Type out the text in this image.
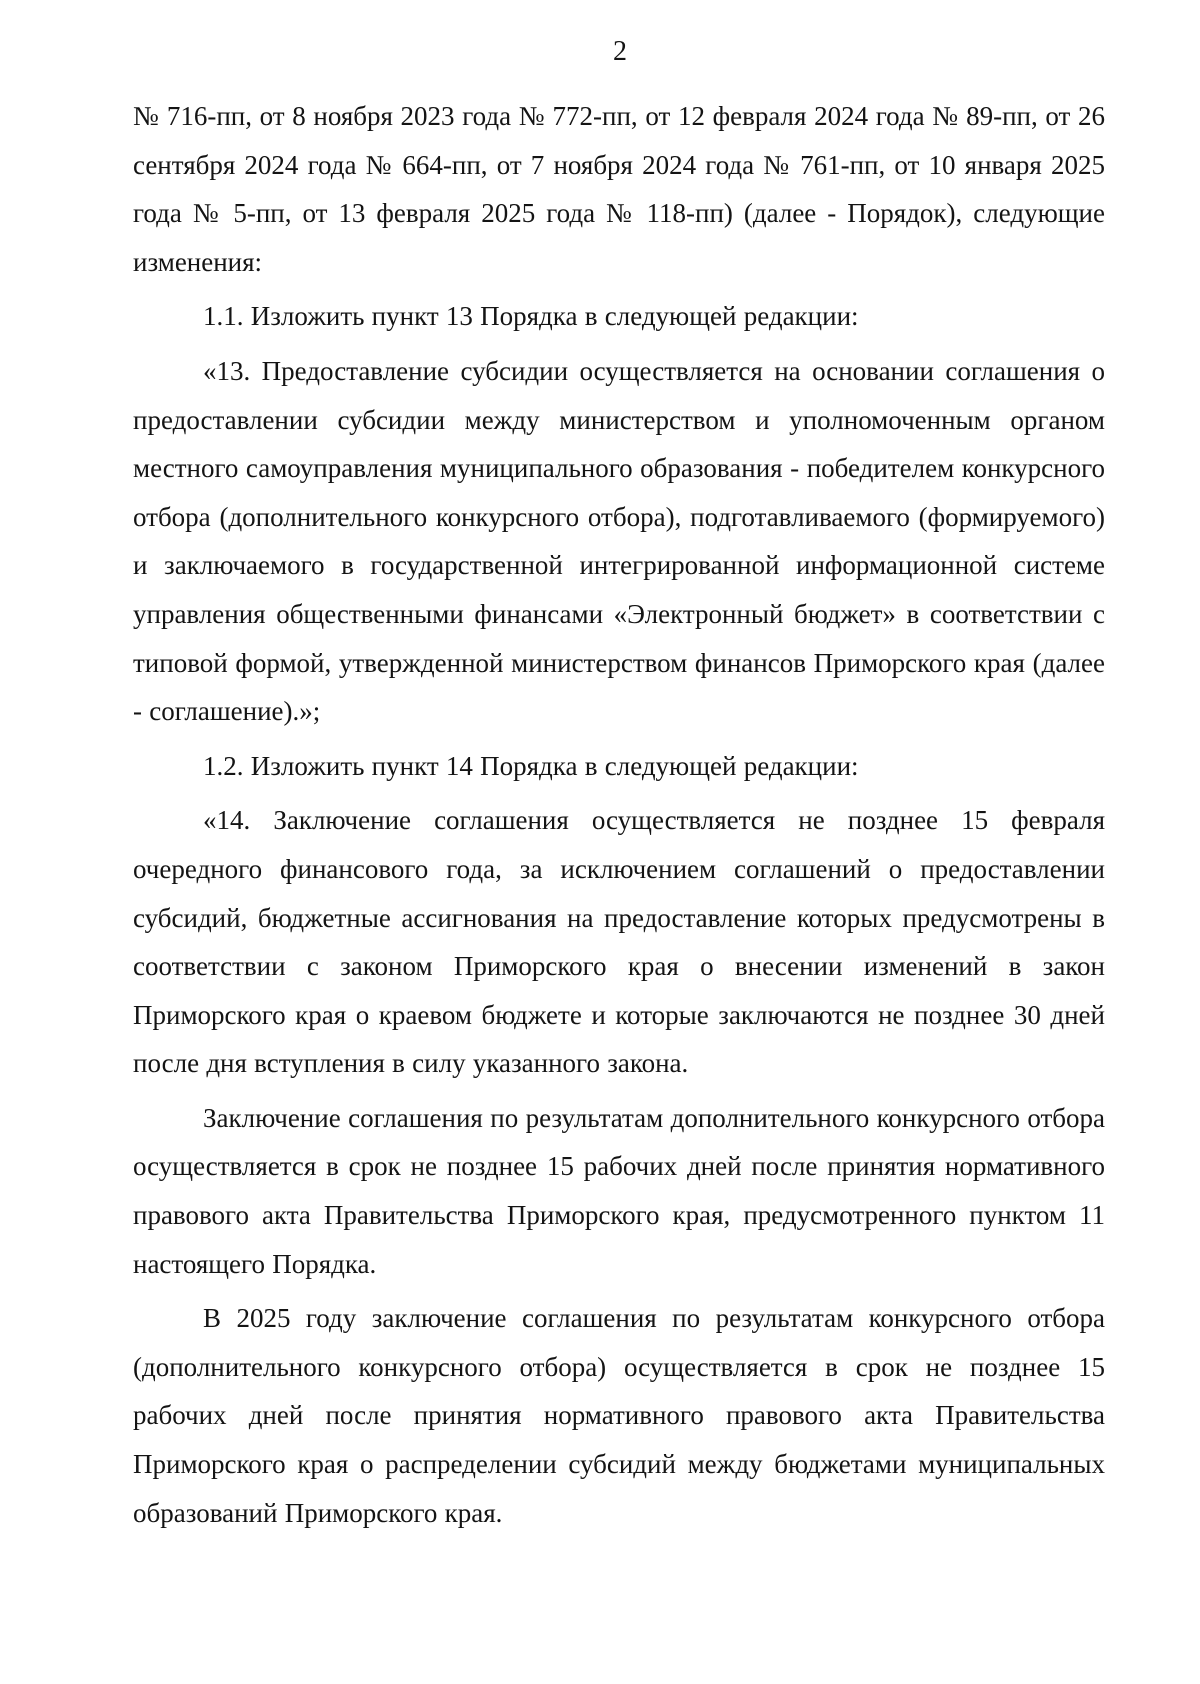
2

№ 716-пп, от 8 ноября 2023 года № 772-пп, от 12 февраля 2024 года № 89-пп, от 26 сентября 2024 года № 664-пп, от 7 ноября 2024 года № 761-пп, от 10 января 2025 года № 5-пп, от 13 февраля 2025 года № 118-пп) (далее - Порядок), следующие изменения:

1.1. Изложить пункт 13 Порядка в следующей редакции:

«13. Предоставление субсидии осуществляется на основании соглашения о предоставлении субсидии между министерством и уполномоченным органом местного самоуправления муниципального образования - победителем конкурсного отбора (дополнительного конкурсного отбора), подготавливаемого (формируемого) и заключаемого в государственной интегрированной информационной системе управления общественными финансами «Электронный бюджет» в соответствии с типовой формой, утвержденной министерством финансов Приморского края (далее - соглашение).»;

1.2. Изложить пункт 14 Порядка в следующей редакции:

«14. Заключение соглашения осуществляется не позднее 15 февраля очередного финансового года, за исключением соглашений о предоставлении субсидий, бюджетные ассигнования на предоставление которых предусмотрены в соответствии с законом Приморского края о внесении изменений в закон Приморского края о краевом бюджете и которые заключаются не позднее 30 дней после дня вступления в силу указанного закона.

Заключение соглашения по результатам дополнительного конкурсного отбора осуществляется в срок не позднее 15 рабочих дней после принятия нормативного правового акта Правительства Приморского края, предусмотренного пунктом 11 настоящего Порядка.

В 2025 году заключение соглашения по результатам конкурсного отбора (дополнительного конкурсного отбора) осуществляется в срок не позднее 15 рабочих дней после принятия нормативного правового акта Правительства Приморского края о распределении субсидий между бюджетами муниципальных образований Приморского края.
